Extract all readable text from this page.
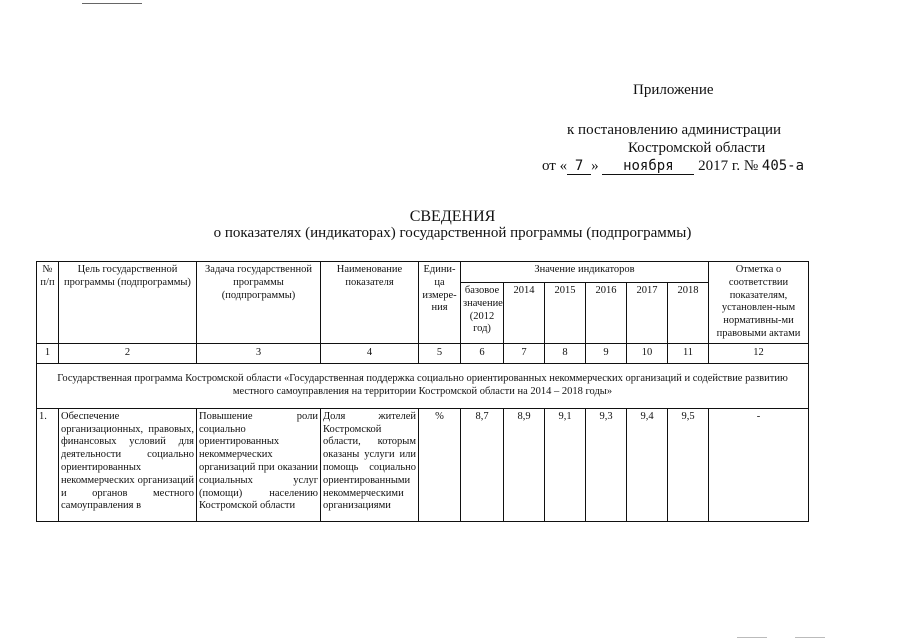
Приложение
к постановлению администрации
Костромской области
от « 7 » ноября 2017 г. № 405-а
СВЕДЕНИЯ
о показателях (индикаторах) государственной программы (подпрограммы)
№ п/п	Цель государственной программы (подпрограммы)	Задача государственной программы (подпрограммы)	Наименование показателя	Едини-ца измере-ния	Значение индикаторов						Отметка о соответствии показателям, установлен-ным нормативны-ми правовыми актами
					базовое значение (2012 год)	2014	2015	2016	2017	2018	
1	2	3	4	5	6	7	8	9	10	11	12
Государственная программа Костромской области «Государственная поддержка социально ориентированных некоммерческих организаций и содействие развитию местного самоуправления на территории Костромской области на 2014 – 2018 годы»											
1.	Обеспечение организационных, правовых, финансовых условий для деятельности социально ориентированных некоммерческих организаций и органов местного самоуправления в	Повышение роли социально ориентированных некоммерческих организаций при оказании социальных услуг (помощи) населению Костромской области	Доля жителей Костромской области, которым оказаны услуги или помощь социально ориентированными некоммерческими организациями	%	8,7	8,9	9,1	9,3	9,4	9,5	-
